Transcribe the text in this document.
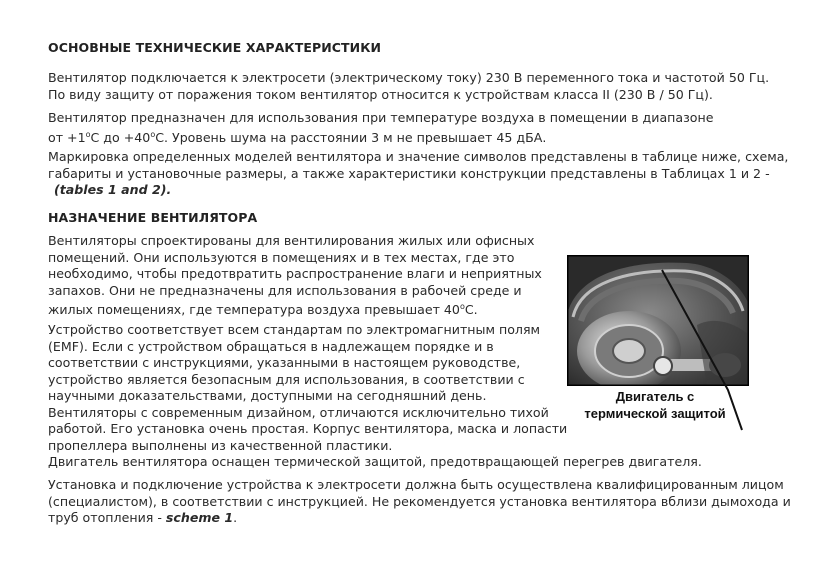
ОСНОВНЫЕ ТЕХНИЧЕСКИЕ ХАРАКТЕРИСТИКИ

Вентилятор подключается к электросети (электрическому току) 230 В переменного тока и частотой 50 Гц.
По виду защиту от поражения током вентилятор относится к устройствам класса II (230 В / 50 Гц).

Вентилятор предназначен для использования при температуре воздуха в помещении в диапазоне
от $+1^оС$ до $+40^оС$. Уровень шума на расстоянии 3 м не превышает 45 дБА.

Маркировка определенных моделей вентилятора и значение символов представлены в таблице ниже, схема,
габариты и установочные размеры, а также характеристики конструкции представлены в Таблицах 1 и 2 -
(tables 1 and 2).

НАЗНАЧЕНИЕ ВЕНТИЛЯТОРА

Вентиляторы спроектированы для вентилирования жилых или офисных
помещений. Они используются в помещениях и в тех местах, где это
необходимо, чтобы предотвратить распространение влаги и неприятных
запахов. Они не предназначены для использования в рабочей среде и
жилых помещениях, где температура воздуха превышает $40^оС$.

Устройство соответствует всем стандартам по электромагнитным полям
(EMF). Если с устройством обращаться в надлежащем порядке и в
соответствии с инструкциями, указанными в настоящем руководстве,
устройство является безопасным для использования, в соответствии с
научными доказательствами, доступными на сегодняшний день.
Вентиляторы с современным дизайном, отличаются исключительно тихой
работой. Его установка очень простая. Корпус вентилятора, маска и лопасти
пропеллера выполнены из качественной пластики.
Двигатель вентилятора оснащен термической защитой, предотвращающей перегрев двигателя.

Установка и подключение устройства к электросети должна быть осуществлена квалифицированным лицом
(специалистом), в соответствии с инструкцией. Не рекомендуется установка вентилятора вблизи дымохода и
труб отопления - scheme 1.

Двигатель с
термической защитой
